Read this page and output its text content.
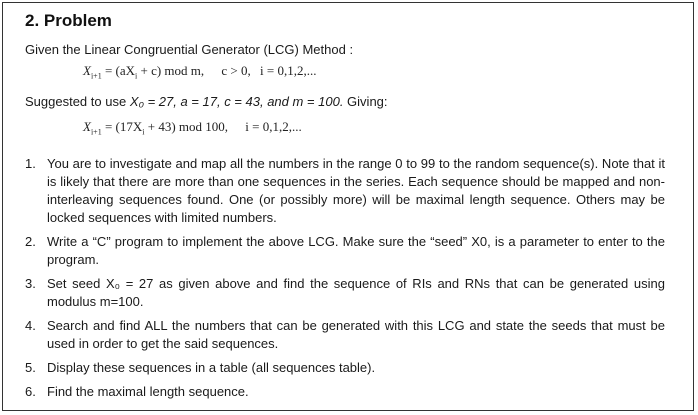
2. Problem
Given the Linear Congruential Generator (LCG) Method :
$X_{i+1} = (aX_i + c)$ mod m, c > 0, i = 0,1,2,...
Suggested to use X₀ = 27, a = 17, c = 43, and m = 100. Giving:
$X_{i+1} = (17X_i + 43)$ mod 100, i = 0,1,2,...
1. You are to investigate and map all the numbers in the range 0 to 99 to the random sequence(s). Note that it is likely that there are more than one sequences in the series. Each sequence should be mapped and non-interleaving sequences found. One (or possibly more) will be maximal length sequence. Others may be locked sequences with limited numbers.
2. Write a “C” program to implement the above LCG. Make sure the “seed” X0, is a parameter to enter to the program.
3. Set seed X₀ = 27 as given above and find the sequence of RIs and RNs that can be generated using modulus m=100.
4. Search and find ALL the numbers that can be generated with this LCG and state the seeds that must be used in order to get the said sequences.
5. Display these sequences in a table (all sequences table).
6. Find the maximal length sequence.
